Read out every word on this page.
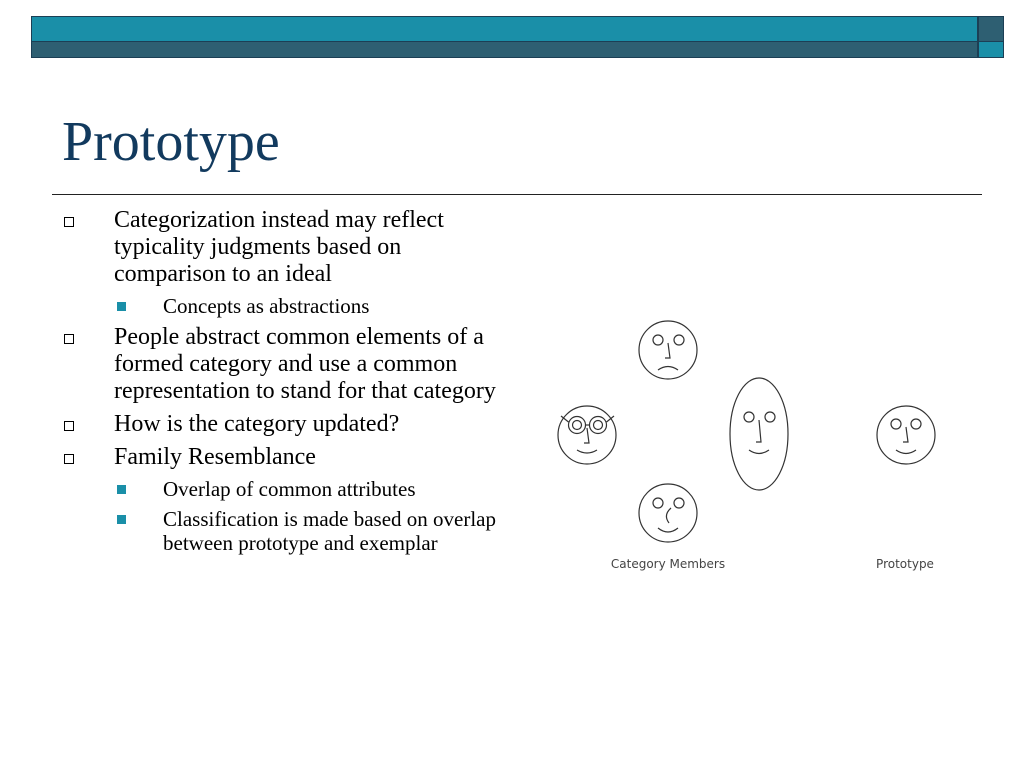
Prototype
Categorization instead may reflect typicality judgments based on comparison to an ideal
Concepts as abstractions
People abstract common elements of a formed category and use a common representation to stand for that category
How is the category updated?
Family Resemblance
Overlap of common attributes
Classification is made based on overlap between prototype and exemplar
Category Members	Prototype
